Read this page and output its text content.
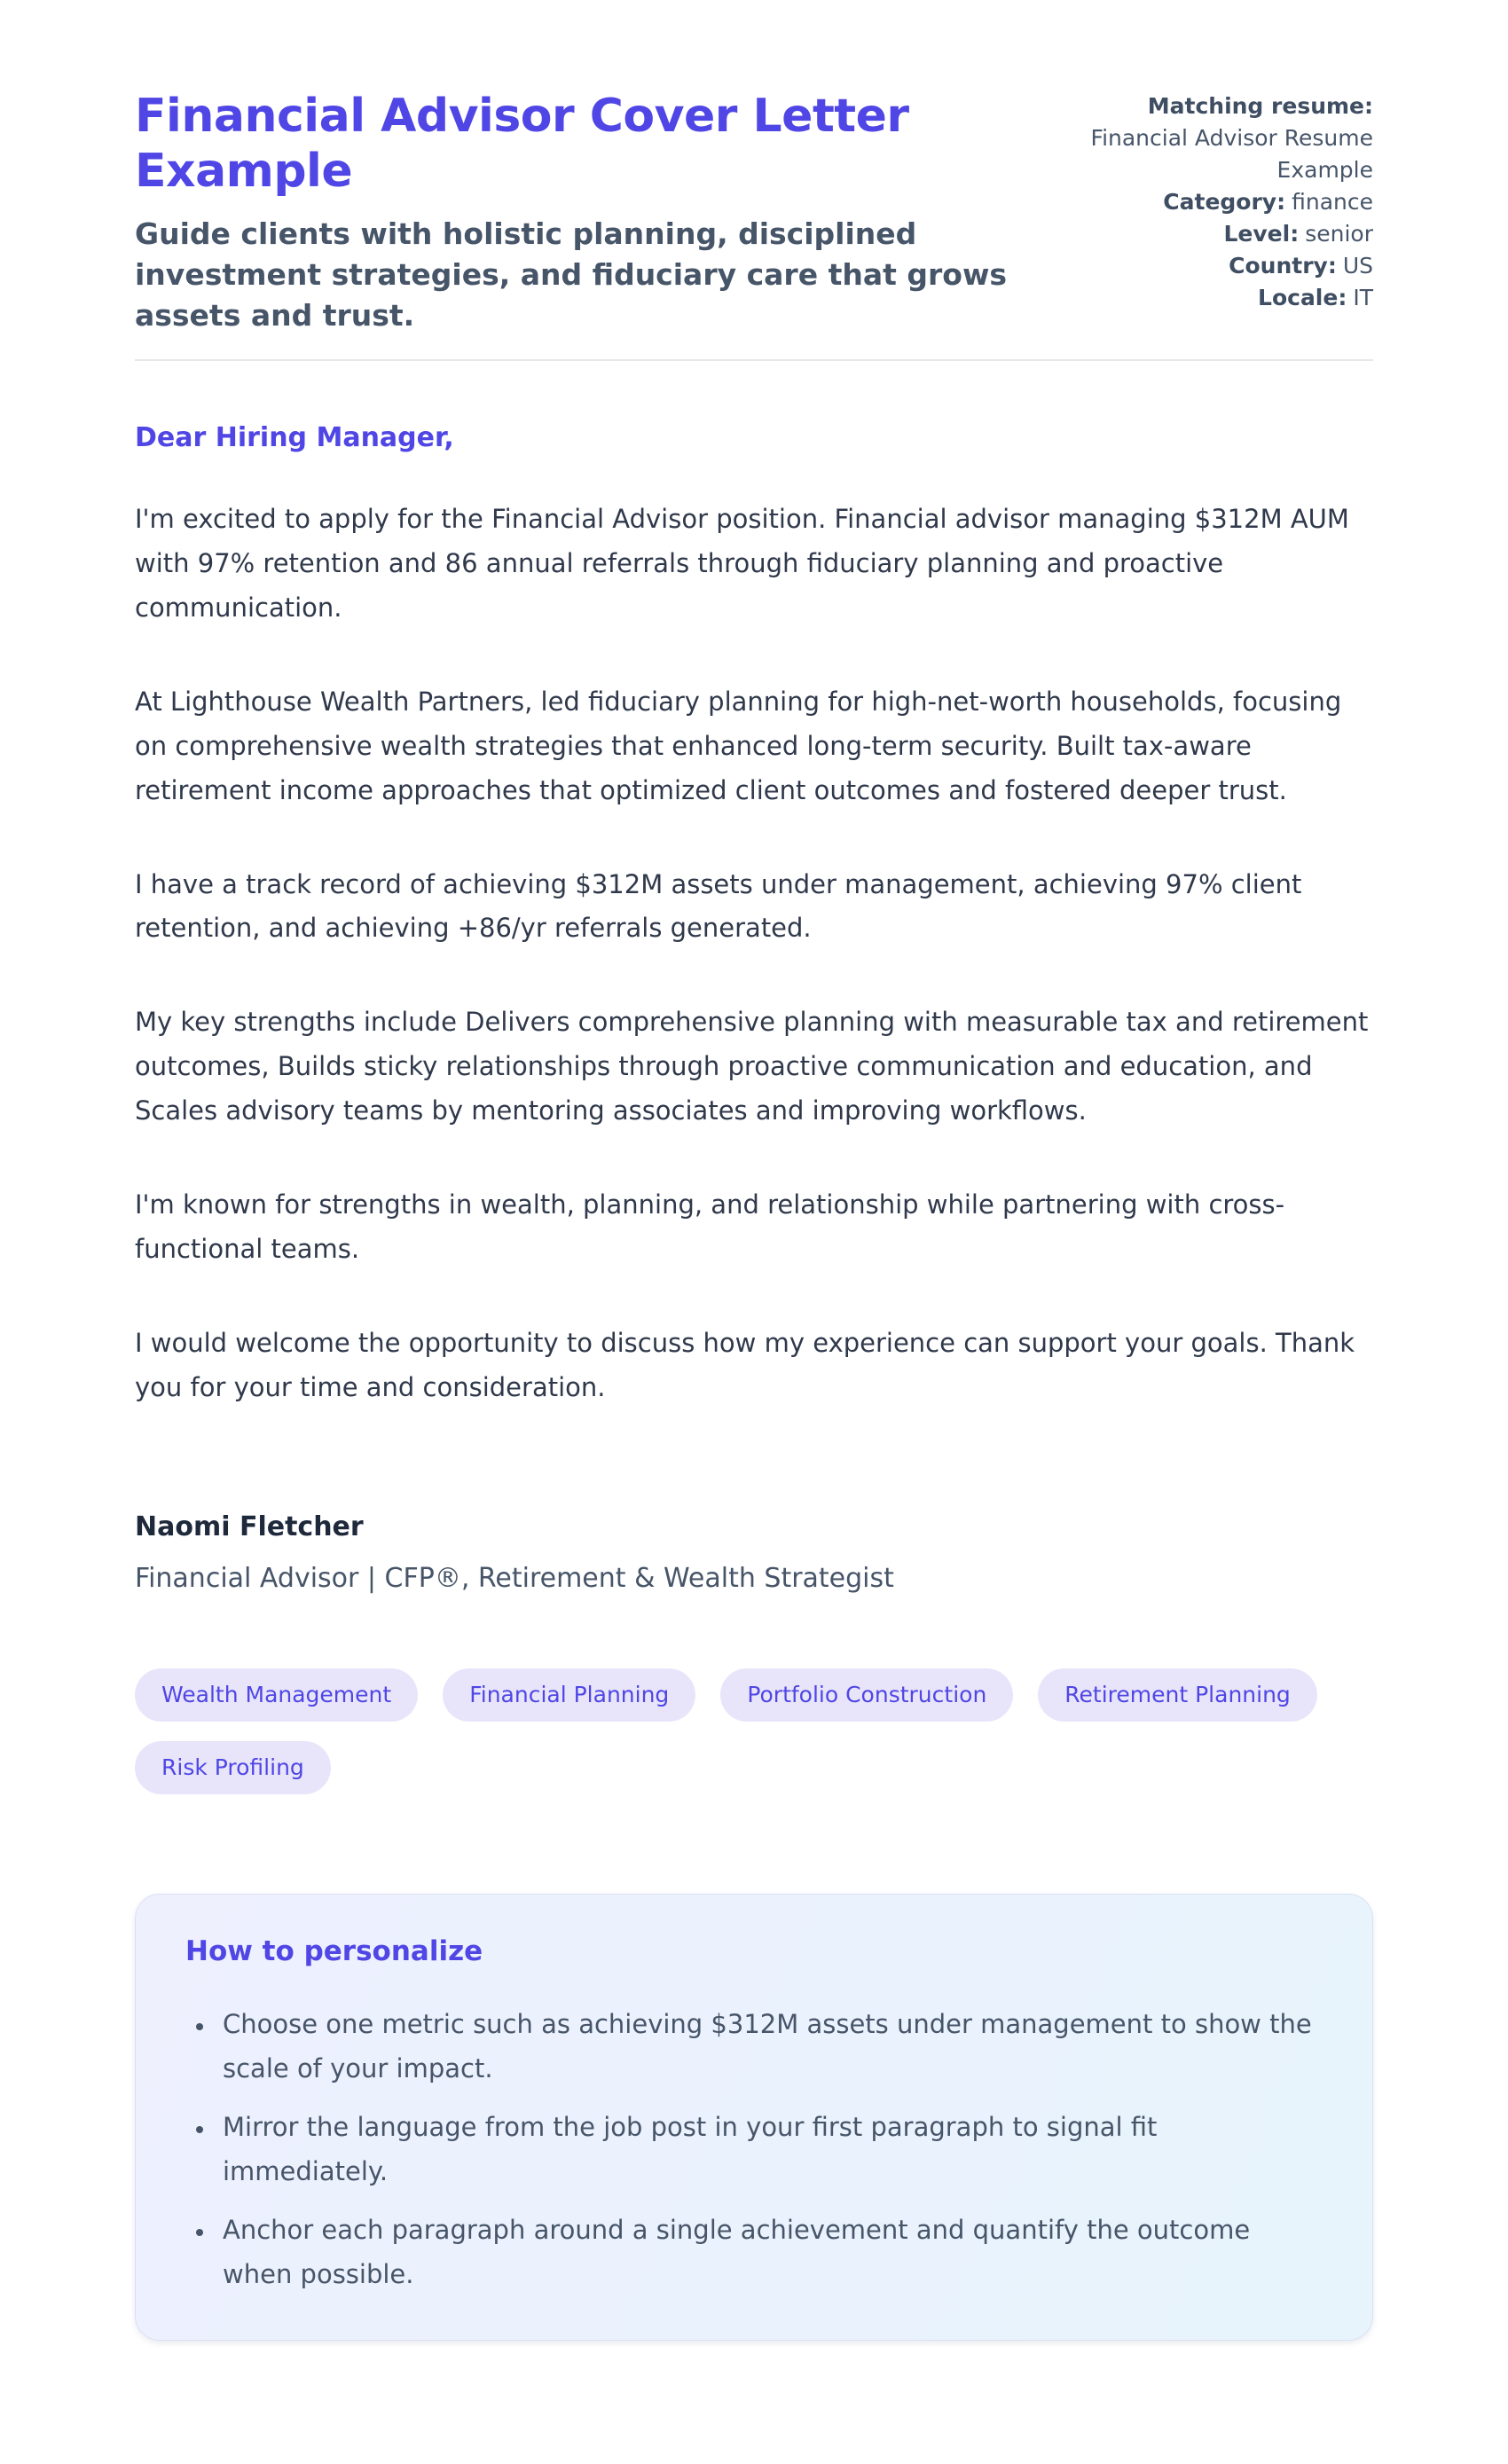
Financial Advisor Cover Letter Example

Guide clients with holistic planning, disciplined investment strategies, and fiduciary care that grows assets and trust.

Matching resume:
Financial Advisor Resume Example
Category: finance
Level: senior
Country: US
Locale: IT

Dear Hiring Manager,

I'm excited to apply for the Financial Advisor position. Financial advisor managing $312M AUM with 97% retention and 86 annual referrals through fiduciary planning and proactive communication.

At Lighthouse Wealth Partners, led fiduciary planning for high-net-worth households, focusing on comprehensive wealth strategies that enhanced long-term security. Built tax-aware retirement income approaches that optimized client outcomes and fostered deeper trust.

I have a track record of achieving $312M assets under management, achieving 97% client retention, and achieving +86/yr referrals generated.

My key strengths include Delivers comprehensive planning with measurable tax and retirement outcomes, Builds sticky relationships through proactive communication and education, and Scales advisory teams by mentoring associates and improving workflows.

I'm known for strengths in wealth, planning, and relationship while partnering with cross-functional teams.

I would welcome the opportunity to discuss how my experience can support your goals. Thank you for your time and consideration.

Naomi Fletcher

Financial Advisor | CFP®, Retirement & Wealth Strategist

Wealth Management	Financial Planning	Portfolio Construction	Retirement Planning
Risk Profiling
How to personalize
• Choose one metric such as achieving $312M assets under management to show the scale of your impact.
• Mirror the language from the job post in your first paragraph to signal fit immediately.
• Anchor each paragraph around a single achievement and quantify the outcome when possible.
